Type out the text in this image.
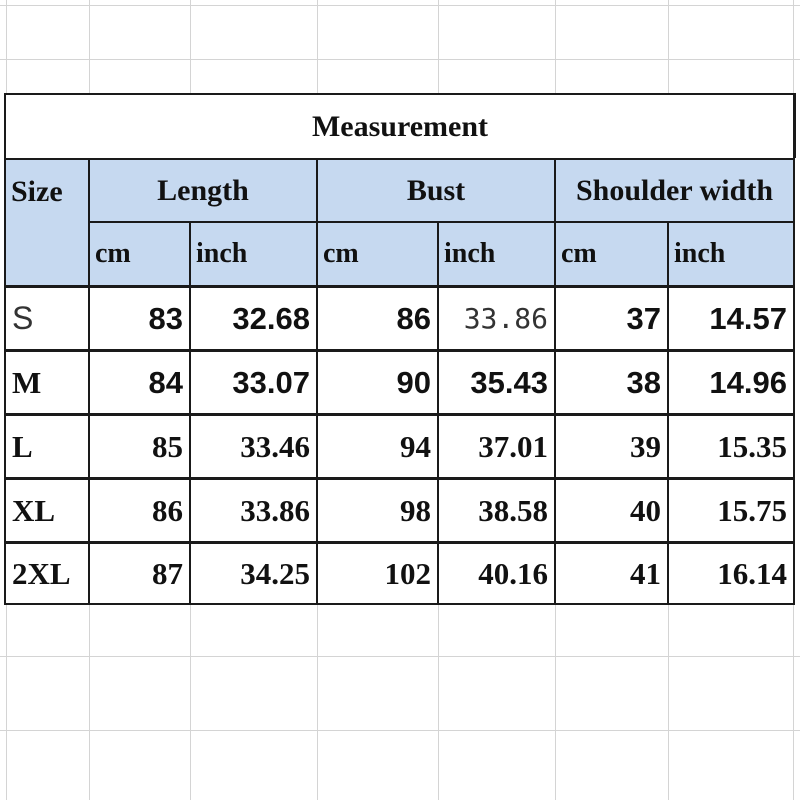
Measurement
Size	Length	Bust	Shoulder width
cm	inch	cm	inch	cm	inch
S	83	32.68	86	33.86	37	14.57
M	84	33.07	90	35.43	38	14.96
L	85	33.46	94	37.01	39	15.35
XL	86	33.86	98	38.58	40	15.75
2XL	87	34.25	102	40.16	41	16.14
